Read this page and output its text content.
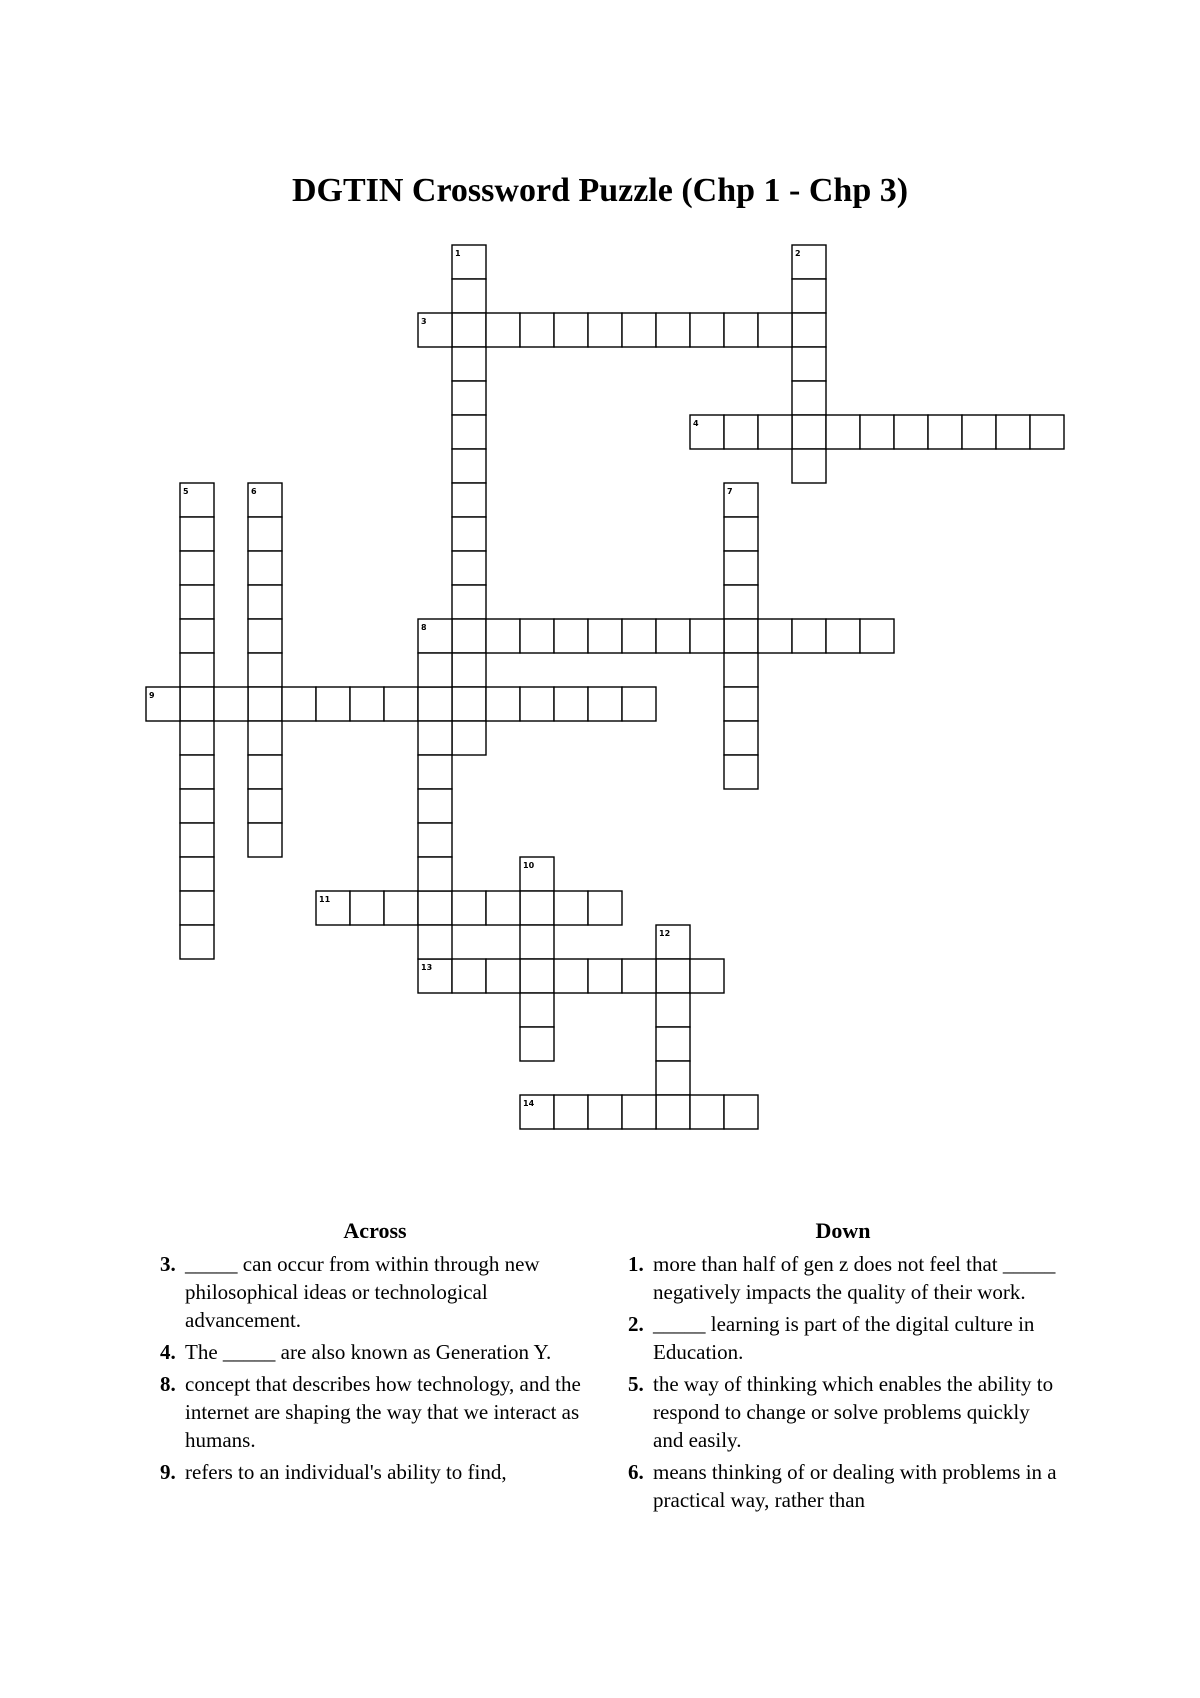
DGTIN Crossword Puzzle (Chp 1 - Chp 3)
1	2
3
4
5	6	7
8
9
10
11
12
13
14
Across
3. _____ can occur from within through new philosophical ideas or technological advancement.
4. The _____ are also known as Generation Y.
8. concept that describes how technology, and the internet are shaping the way that we interact as humans.
9. refers to an individual's ability to find,
Down
1. more than half of gen z does not feel that _____ negatively impacts the quality of their work.
2. _____ learning is part of the digital culture in Education.
5. the way of thinking which enables the ability to respond to change or solve problems quickly and easily.
6. means thinking of or dealing with problems in a practical way, rather than
